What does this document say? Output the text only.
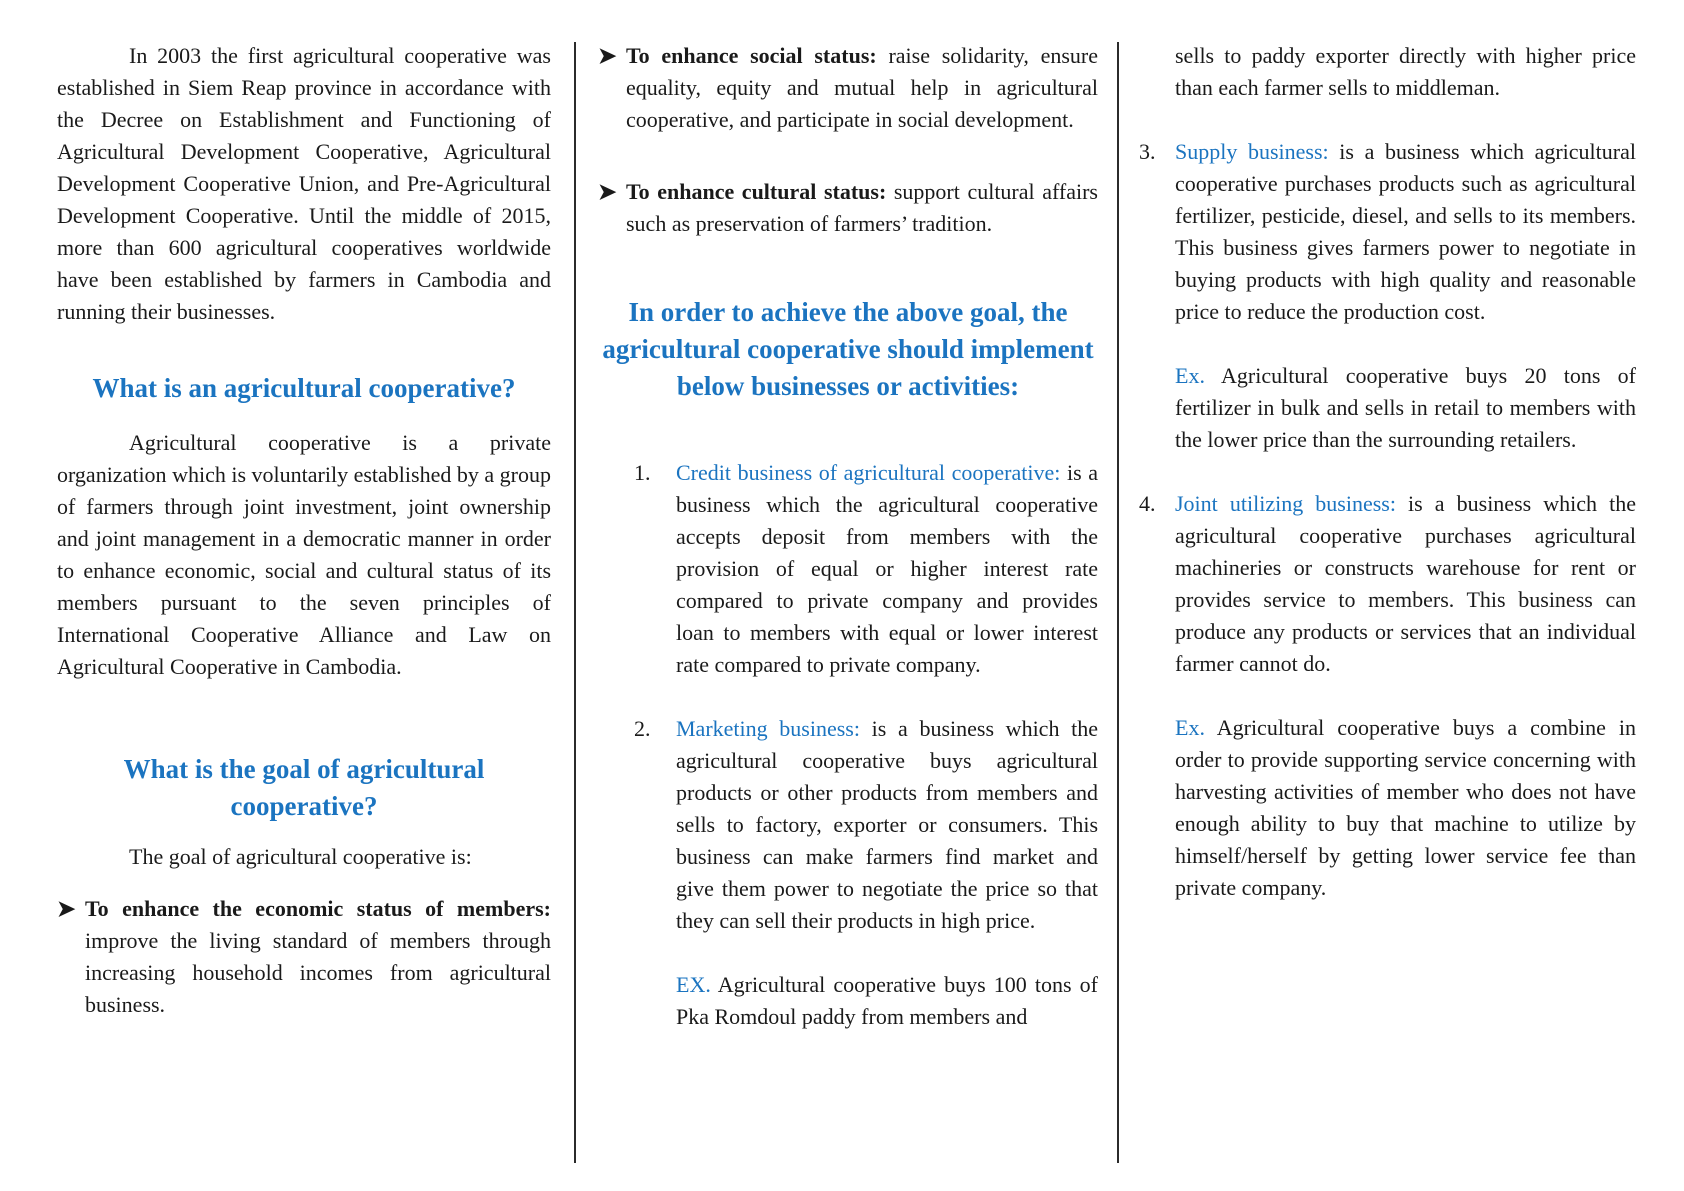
In 2003 the first agricultural cooperative was established in Siem Reap province in accordance with the Decree on Establishment and Functioning of Agricultural Development Cooperative, Agricultural Development Cooperative Union, and Pre-Agricultural Development Cooperative. Until the middle of 2015, more than 600 agricultural cooperatives worldwide have been established by farmers in Cambodia and running their businesses.

What is an agricultural cooperative?

Agricultural cooperative is a private organization which is voluntarily established by a group of farmers through joint investment, joint ownership and joint management in a democratic manner in order to enhance economic, social and cultural status of its members pursuant to the seven principles of International Cooperative Alliance and Law on Agricultural Cooperative in Cambodia.

What is the goal of agricultural cooperative?

The goal of agricultural cooperative is:

➤ To enhance the economic status of members: improve the living standard of members through increasing household incomes from agricultural business.
➤ To enhance social status: raise solidarity, ensure equality, equity and mutual help in agricultural cooperative, and participate in social development.
➤ To enhance cultural status: support cultural affairs such as preservation of farmers’ tradition.
In order to achieve the above goal, the agricultural cooperative should implement below businesses or activities:
1. Credit business of agricultural cooperative: is a business which the agricultural cooperative accepts deposit from members with the provision of equal or higher interest rate compared to private company and provides loan to members with equal or lower interest rate compared to private company.
2. Marketing business: is a business which the agricultural cooperative buys agricultural products or other products from members and sells to factory, exporter or consumers. This business can make farmers find market and give them power to negotiate the price so that they can sell their products in high price.

EX. Agricultural cooperative buys 100 tons of Pka Romdoul paddy from members and

sells to paddy exporter directly with higher price than each farmer sells to middleman.

3. Supply business: is a business which agricultural cooperative purchases products such as agricultural fertilizer, pesticide, diesel, and sells to its members. This business gives farmers power to negotiate in buying products with high quality and reasonable price to reduce the production cost.

Ex. Agricultural cooperative buys 20 tons of fertilizer in bulk and sells in retail to members with the lower price than the surrounding retailers.

4. Joint utilizing business: is a business which the agricultural cooperative purchases agricultural machineries or constructs warehouse for rent or provides service to members. This business can produce any products or services that an individual farmer cannot do.

Ex. Agricultural cooperative buys a combine in order to provide supporting service concerning with harvesting activities of member who does not have enough ability to buy that machine to utilize by himself/herself by getting lower service fee than private company.
